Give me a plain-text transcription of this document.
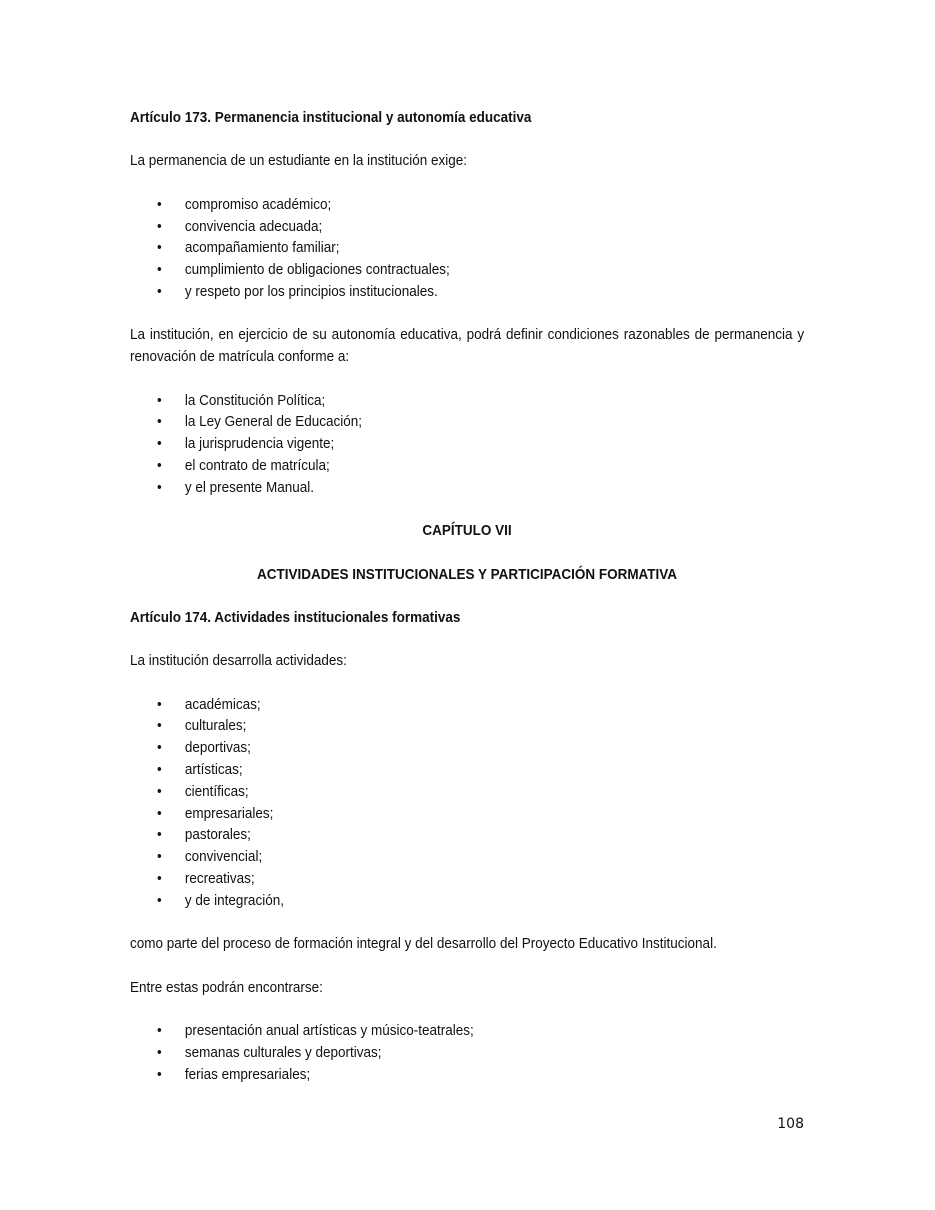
Artículo 173. Permanencia institucional y autonomía educativa

La permanencia de un estudiante en la institución exige:

• compromiso académico;
• convivencia adecuada;
• acompañamiento familiar;
• cumplimiento de obligaciones contractuales;
• y respeto por los principios institucionales.

La institución, en ejercicio de su autonomía educativa, podrá definir condiciones razonables de permanencia y renovación de matrícula conforme a:

• la Constitución Política;
• la Ley General de Educación;
• la jurisprudencia vigente;
• el contrato de matrícula;
• y el presente Manual.

CAPÍTULO VII

ACTIVIDADES INSTITUCIONALES Y PARTICIPACIÓN FORMATIVA

Artículo 174. Actividades institucionales formativas

La institución desarrolla actividades:

• académicas;
• culturales;
• deportivas;
• artísticas;
• científicas;
• empresariales;
• pastorales;
• convivencial;
• recreativas;
• y de integración,

como parte del proceso de formación integral y del desarrollo del Proyecto Educativo Institucional.

Entre estas podrán encontrarse:

• presentación anual artísticas y músico-teatrales;
• semanas culturales y deportivas;
• ferias empresariales;
108
